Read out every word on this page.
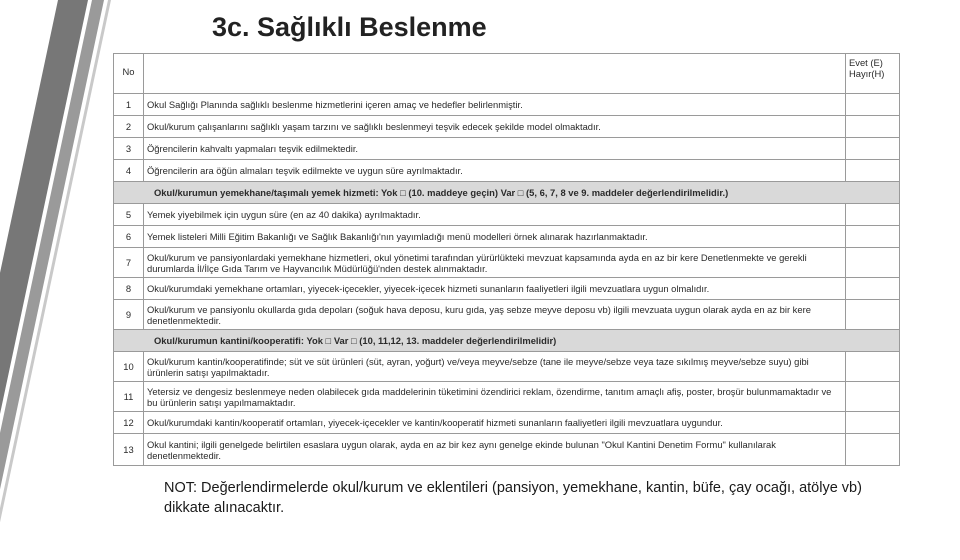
3c. Sağlıklı Beslenme
No		Evet (E)
Hayır(H)
1	Okul Sağlığı Planında sağlıklı beslenme hizmetlerini içeren amaç ve hedefler belirlenmiştir.	
2	Okul/kurum çalışanlarını sağlıklı yaşam tarzını ve sağlıklı beslenmeyi teşvik edecek şekilde model olmaktadır.	
3	Öğrencilerin kahvaltı yapmaları teşvik edilmektedir.	
4	Öğrencilerin ara öğün almaları teşvik edilmekte ve uygun süre ayrılmaktadır.	
Okul/kurumun yemekhane/taşımalı yemek hizmeti: Yok □ (10. maddeye geçin) Var □ (5, 6, 7, 8 ve 9. maddeler değerlendirilmelidir.)		
5	Yemek yiyebilmek için uygun süre (en az 40 dakika) ayrılmaktadır.	
6	Yemek listeleri Milli Eğitim Bakanlığı ve Sağlık Bakanlığı'nın yayımladığı menü modelleri örnek alınarak hazırlanmaktadır.	
7	Okul/kurum ve pansiyonlardaki yemekhane hizmetleri, okul yönetimi tarafından yürürlükteki mevzuat kapsamında ayda en az bir kere Denetlenmekte ve gerekli durumlarda İl/İlçe Gıda Tarım ve Hayvancılık Müdürlüğü'nden destek alınmaktadır.	
8	Okul/kurumdaki yemekhane ortamları, yiyecek-içecekler, yiyecek-içecek hizmeti sunanların faaliyetleri ilgili mevzuatlara uygun olmalıdır.	
9	Okul/kurum ve pansiyonlu okullarda gıda depoları (soğuk hava deposu, kuru gıda, yaş sebze meyve deposu vb) ilgili mevzuata uygun olarak ayda en az bir kere denetlenmektedir.	
Okul/kurumun kantini/kooperatifi: Yok □ Var □ (10, 11,12, 13. maddeler değerlendirilmelidir)		
10	Okul/kurum kantin/kooperatifinde; süt ve süt ürünleri (süt, ayran, yoğurt) ve/veya meyve/sebze (tane ile meyve/sebze veya taze sıkılmış meyve/sebze suyu) gibi ürünlerin satışı yapılmaktadır.	
11	Yetersiz ve dengesiz beslenmeye neden olabilecek gıda maddelerinin tüketimini özendirici reklam, özendirme, tanıtım amaçlı afiş, poster, broşür bulunmamaktadır ve bu ürünlerin satışı yapılmamaktadır.	
12	Okul/kurumdaki kantin/kooperatif ortamları, yiyecek-içecekler ve kantin/kooperatif hizmeti sunanların faaliyetleri ilgili mevzuatlara uygundur.	
13	Okul kantini; ilgili genelgede belirtilen esaslara uygun olarak, ayda en az bir kez aynı genelge ekinde bulunan "Okul Kantini Denetim Formu" kullanılarak denetlenmektedir.	
NOT: Değerlendirmelerde okul/kurum ve eklentileri (pansiyon, yemekhane, kantin, büfe, çay ocağı, atölye vb) dikkate alınacaktır.
